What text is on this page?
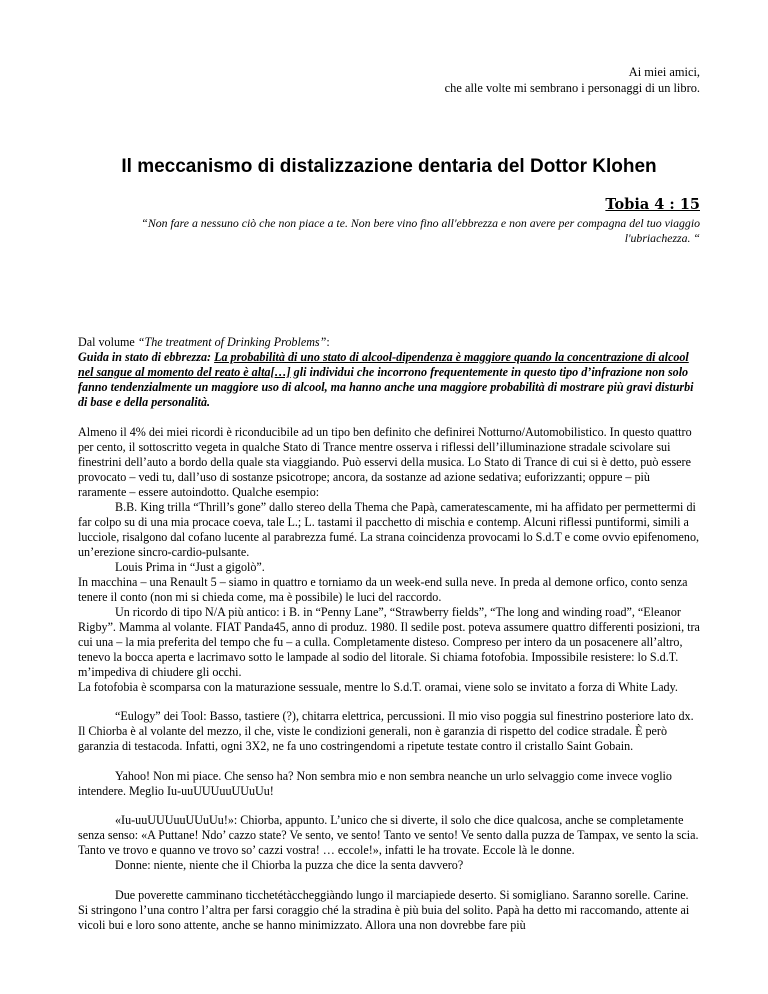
Ai miei amici,
che alle volte mi sembrano i personaggi di un libro.
Il meccanismo di distalizzazione dentaria del Dottor Klohen
Tobia 4 : 15
“Non fare a nessuno ciò che non piace a te. Non bere vino fino all'ebbrezza e non avere per compagna del tuo viaggio
l'ubriachezza. “

Dal volume “The treatment of Drinking Problems”:

Guida in stato di ebbrezza: La probabilità di uno stato di alcool-dipendenza è maggiore quando la concentrazione di alcool nel sangue al momento del reato è alta[…] gli individui che incorrono frequentemente in questo tipo d’infrazione non solo fanno tendenzialmente un maggiore uso di alcool, ma hanno anche una maggiore probabilità di mostrare più gravi disturbi di base e della personalità.

Almeno il 4% dei miei ricordi è riconducibile ad un tipo ben definito che definirei Notturno/Automobilistico. In questo quattro per cento, il sottoscritto vegeta in qualche Stato di Trance mentre osserva i riflessi dell’illuminazione stradale scivolare sui finestrini dell’auto a bordo della quale sta viaggiando. Può esservi della musica. Lo Stato di Trance di cui si è detto, può essere provocato – vedi tu, dall’uso di sostanze psicotrope; ancora, da sostanze ad azione sedativa; euforizzanti; oppure – più raramente – essere autoindotto. Qualche esempio:

B.B. King trilla “Thrill’s gone” dallo stereo della Thema che Papà, cameratescamente, mi ha affidato per permettermi di far colpo su di una mia procace coeva, tale L.; L. tastami il pacchetto di mischia e contemp. Alcuni riflessi puntiformi, simili a lucciole, risalgono dal cofano lucente al parabrezza fumé. La strana coincidenza provocami lo S.d.T e come ovvio epifenomeno, un’erezione sincro-cardio-pulsante.

Louis Prima in “Just a gigolò”.

In macchina – una Renault 5 – siamo in quattro e torniamo da un week-end sulla neve. In preda al demone orfico, conto senza tenere il conto (non mi si chieda come, ma è possibile) le luci del raccordo.

Un ricordo di tipo N/A più antico: i B. in “Penny Lane”, “Strawberry fields”, “The long and winding road”, “Eleanor Rigby”. Mamma al volante. FIAT Panda45, anno di produz. 1980. Il sedile post. poteva assumere quattro differenti posizioni, tra cui una – la mia preferita del tempo che fu – a culla. Completamente disteso. Compreso per intero da un posacenere all’altro, tenevo la bocca aperta e lacrimavo sotto le lampade al sodio del litorale. Si chiama fotofobia. Impossibile resistere: lo S.d.T. m’impediva di chiudere gli occhi.

La fotofobia è scomparsa con la maturazione sessuale, mentre lo S.d.T. oramai, viene solo se invitato a forza di White Lady.

“Eulogy” dei Tool: Basso, tastiere (?), chitarra elettrica, percussioni. Il mio viso poggia sul finestrino posteriore lato dx. Il Chiorba è al volante del mezzo, il che, viste le condizioni generali, non è garanzia di rispetto del codice stradale. È però garanzia di testacoda. Infatti, ogni 3X2, ne fa uno costringendomi a ripetute testate contro il cristallo Saint Gobain.

Yahoo! Non mi piace. Che senso ha? Non sembra mio e non sembra neanche un urlo selvaggio come invece voglio intendere. Meglio Iu-uuUUUuuUUuUu!

«Iu-uuUUUuuUUuUu!»: Chiorba, appunto. L’unico che si diverte, il solo che dice qualcosa, anche se completamente senza senso: «A Puttane! Ndo’ cazzo state? Ve sento, ve sento! Tanto ve sento! Ve sento dalla puzza de Tampax, ve sento la scia. Tanto ve trovo e quanno ve trovo so’ cazzi vostra! … eccole!», infatti le ha trovate. Eccole là le donne.

Donne: niente, niente che il Chiorba la puzza che dice la senta davvero?

Due poverette camminano ticchetétàccheggiàndo lungo il marciapiede deserto. Si somigliano. Saranno sorelle. Carine. Si stringono l’una contro l’altra per farsi coraggio ché la stradina è più buia del solito. Papà ha detto mi raccomando, attente ai vicoli bui e loro sono attente, anche se hanno minimizzato. Allora una non dovrebbe fare più
